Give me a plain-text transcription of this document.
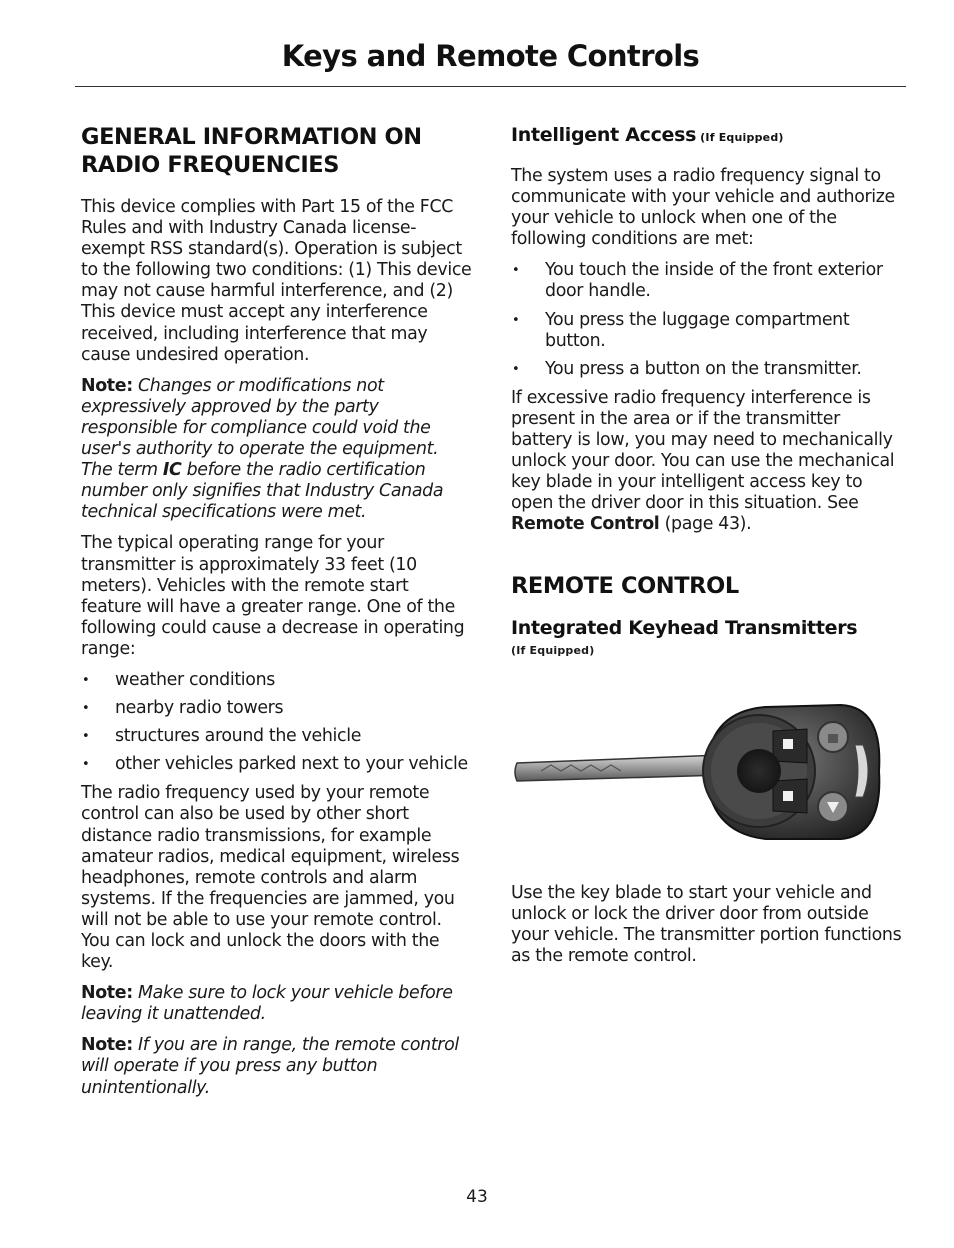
Keys and Remote Controls
GENERAL INFORMATION ON
RADIO FREQUENCIES

This device complies with Part 15 of the FCC Rules and with Industry Canada license-exempt RSS standard(s). Operation is subject to the following two conditions: (1) This device may not cause harmful interference, and (2) This device must accept any interference received, including interference that may cause undesired operation.

Note: Changes or modifications not expressively approved by the party responsible for compliance could void the user's authority to operate the equipment. The term IC before the radio certification number only signifies that Industry Canada technical specifications were met.

The typical operating range for your transmitter is approximately 33 feet (10 meters). Vehicles with the remote start feature will have a greater range. One of the following could cause a decrease in operating range:

• weather conditions
• nearby radio towers
• structures around the vehicle
• other vehicles parked next to your vehicle

The radio frequency used by your remote control can also be used by other short distance radio transmissions, for example amateur radios, medical equipment, wireless headphones, remote controls and alarm systems. If the frequencies are jammed, you will not be able to use your remote control. You can lock and unlock the doors with the key.

Note: Make sure to lock your vehicle before leaving it unattended.

Note: If you are in range, the remote control will operate if you press any button unintentionally.

Intelligent Access (If Equipped)

The system uses a radio frequency signal to communicate with your vehicle and authorize your vehicle to unlock when one of the following conditions are met:

• You touch the inside of the front exterior door handle.
• You press the luggage compartment button.
• You press a button on the transmitter.

If excessive radio frequency interference is present in the area or if the transmitter battery is low, you may need to mechanically unlock your door. You can use the mechanical key blade in your intelligent access key to open the driver door in this situation. See Remote Control (page 43).

REMOTE CONTROL
Integrated Keyhead Transmitters
(If Equipped)

Use the key blade to start your vehicle and unlock or lock the driver door from outside your vehicle. The transmitter portion functions as the remote control.

43
